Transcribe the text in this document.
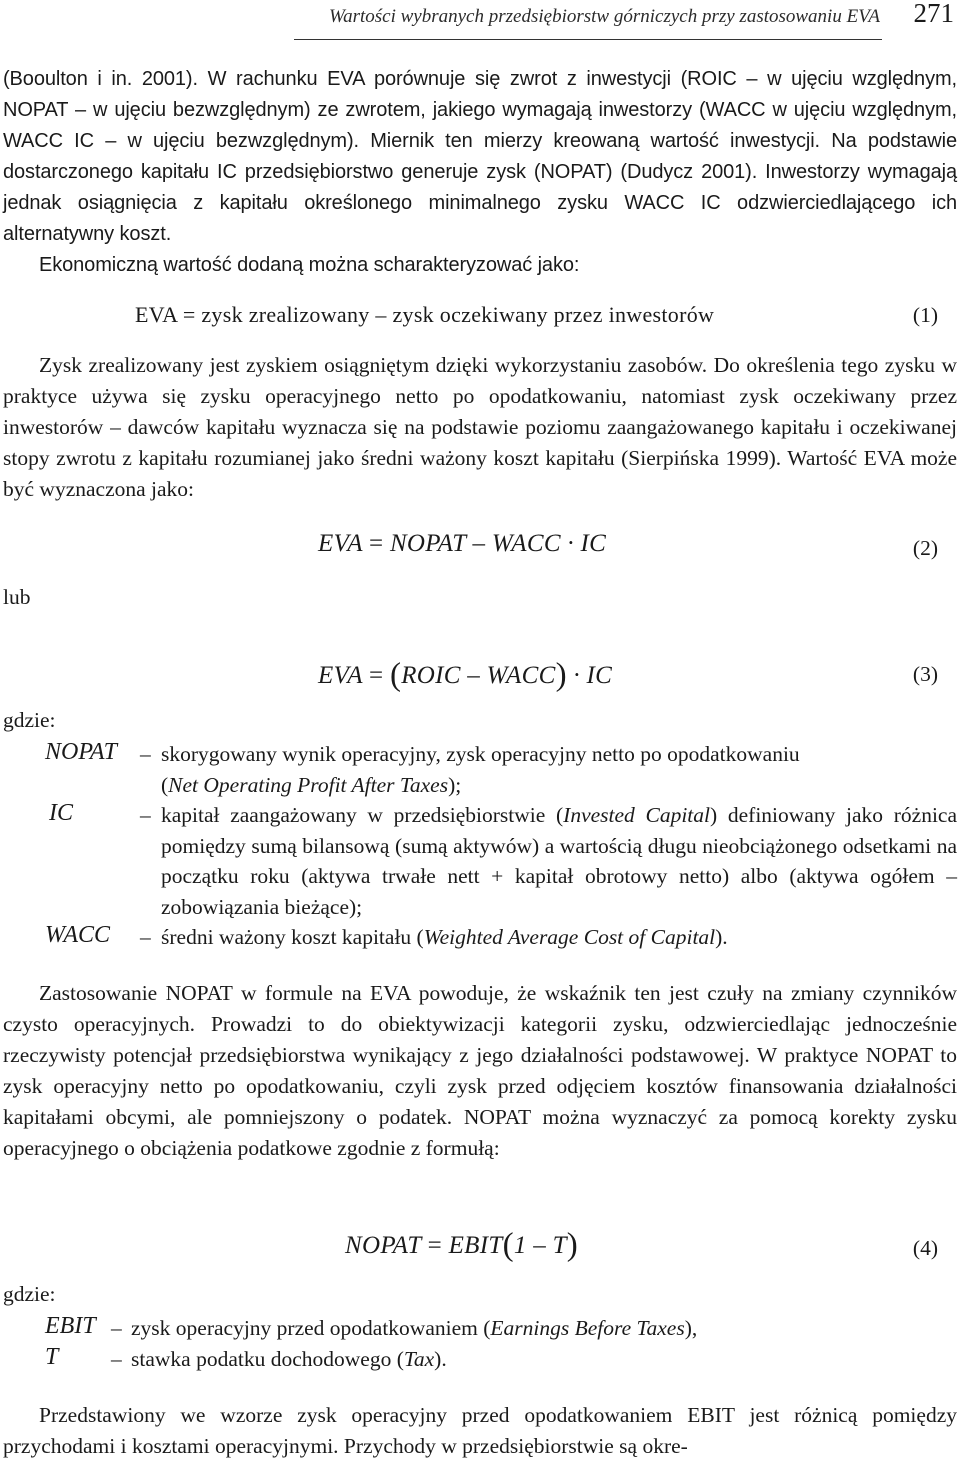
Wartości wybranych przedsiębiorstw górniczych przy zastosowaniu EVA 271
(Booulton i in. 2001). W rachunku EVA porównuje się zwrot z inwestycji (ROIC – w ujęciu względnym, NOPAT – w ujęciu bezwzględnym) ze zwrotem, jakiego wymagają inwestorzy (WACC w ujęciu względnym, WACC IC – w ujęciu bezwzględnym). Miernik ten mierzy kreowaną wartość inwestycji. Na podstawie dostarczonego kapitału IC przedsiębiorstwo generuje zysk (NOPAT) (Dudycz 2001). Inwestorzy wymagają jednak osiągnięcia z kapitału określonego minimalnego zysku WACC IC odzwierciedlającego ich alternatywny koszt.
Ekonomiczną wartość dodaną można scharakteryzować jako:
EVA = zysk zrealizowany – zysk oczekiwany przez inwestorów	(1)
Zysk zrealizowany jest zyskiem osiągniętym dzięki wykorzystaniu zasobów. Do określenia tego zysku w praktyce używa się zysku operacyjnego netto po opodatkowaniu, natomiast zysk oczekiwany przez inwestorów – dawców kapitału wyznacza się na podstawie poziomu zaangażowanego kapitału i oczekiwanej stopy zwrotu z kapitału rozumianej jako średni ważony koszt kapitału (Sierpińska 1999). Wartość EVA może być wyznaczona jako:
EVA = NOPAT – WACC · IC	(2)
lub
EVA = (ROIC – WACC) · IC	(3)
gdzie:
NOPAT – skorygowany wynik operacyjny, zysk operacyjny netto po opodatkowaniu
(Net Operating Profit After Taxes);
IC	– kapitał zaangażowany w przedsiębiorstwie (Invested Capital) definiowany jako różnica pomiędzy sumą bilansową (sumą aktywów) a wartością długu nieobciążonego odsetkami na początku roku (aktywa trwałe nett + kapitał obrotowy netto) albo (aktywa ogółem – zobowiązania bieżące);
WACC – średni ważony koszt kapitału (Weighted Average Cost of Capital).
Zastosowanie NOPAT w formule na EVA powoduje, że wskaźnik ten jest czuły na zmiany czynników czysto operacyjnych. Prowadzi to do obiektywizacji kategorii zysku, odzwierciedlając jednocześnie rzeczywisty potencjał przedsiębiorstwa wynikający z jego działalności podstawowej. W praktyce NOPAT to zysk operacyjny netto po opodatkowaniu, czyli zysk przed odjęciem kosztów finansowania działalności kapitałami obcymi, ale pomniejszony o podatek. NOPAT można wyznaczyć za pomocą korekty zysku operacyjnego o obciążenia podatkowe zgodnie z formułą:
NOPAT = EBIT(1 – T)	(4)
gdzie:
EBIT – zysk operacyjny przed opodatkowaniem (Earnings Before Taxes),
T – stawka podatku dochodowego (Tax).
Przedstawiony we wzorze zysk operacyjny przed opodatkowaniem EBIT jest różnicą pomiędzy przychodami i kosztami operacyjnymi. Przychody w przedsiębiorstwie są okre-
